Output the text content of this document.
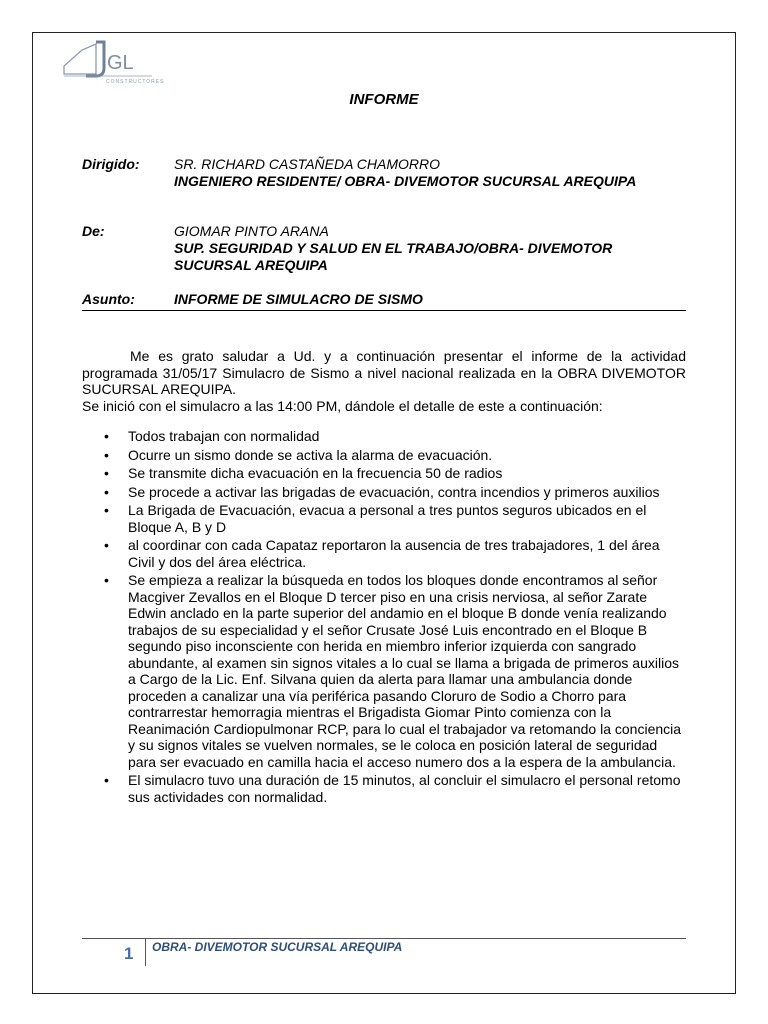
GL
CONSTRUCTORES
INFORME
Dirigido: SR. RICHARD CASTAÑEDA CHAMORRO
INGENIERO RESIDENTE/ OBRA- DIVEMOTOR SUCURSAL AREQUIPA
De:	GIOMAR PINTO ARANA
SUP. SEGURIDAD Y SALUD EN EL TRABAJO/OBRA- DIVEMOTOR SUCURSAL AREQUIPA
Asunto:	INFORME DE SIMULACRO DE SISMO

Me es grato saludar a Ud. y a continuación presentar el informe de la actividad programada 31/05/17 Simulacro de Sismo a nivel nacional realizada en la OBRA DIVEMOTOR SUCURSAL AREQUIPA.

Se inició con el simulacro a las 14:00 PM, dándole el detalle de este a continuación:

• Todos trabajan con normalidad
• Ocurre un sismo donde se activa la alarma de evacuación.
• Se transmite dicha evacuación en la frecuencia 50 de radios
• Se procede a activar las brigadas de evacuación, contra incendios y primeros auxilios
• La Brigada de Evacuación, evacua a personal a tres puntos seguros ubicados en el Bloque A, B y D
• al coordinar con cada Capataz reportaron la ausencia de tres trabajadores, 1 del área Civil y dos del área eléctrica.
• Se empieza a realizar la búsqueda en todos los bloques donde encontramos al señor Macgiver Zevallos en el Bloque D tercer piso en una crisis nerviosa, al señor Zarate Edwin anclado en la parte superior del andamio en el bloque B donde venía realizando trabajos de su especialidad y el señor Crusate José Luis encontrado en el Bloque B segundo piso inconsciente con herida en miembro inferior izquierda con sangrado abundante, al examen sin signos vitales a lo cual se llama a brigada de primeros auxilios a Cargo de la Lic. Enf. Silvana quien da alerta para llamar una ambulancia donde proceden a canalizar una vía periférica pasando Cloruro de Sodio a Chorro para contrarrestar hemorragia mientras el Brigadista Giomar Pinto comienza con la Reanimación Cardiopulmonar RCP, para lo cual el trabajador va retomando la conciencia y su signos vitales se vuelven normales, se le coloca en posición lateral de seguridad para ser evacuado en camilla hacia el acceso numero dos a la espera de la ambulancia.
• El simulacro tuvo una duración de 15 minutos, al concluir el simulacro el personal retomo sus actividades con normalidad.
1 OBRA- DIVEMOTOR SUCURSAL AREQUIPA
